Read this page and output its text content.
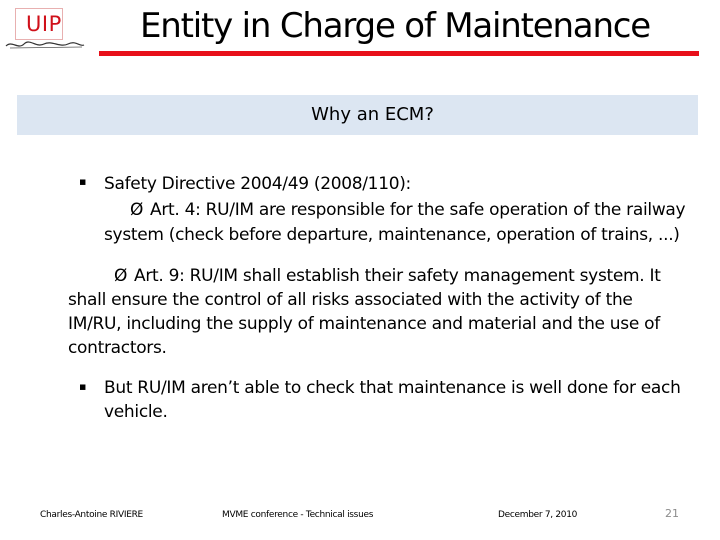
UIP	Entity in Charge of Maintenance
Why an ECM?
▪ Safety Directive 2004/49 (2008/110):
Ø Art. 4: RU/IM are responsible for the safe operation of the railway
system (check before departure, maintenance, operation of trains, ...)
Ø Art. 9: RU/IM shall establish their safety management system. It
shall ensure the control of all risks associated with the activity of the
IM/RU, including the supply of maintenance and material and the use of
contractors.
▪ But RU/IM aren’t able to check that maintenance is well done for each
vehicle.
Charles-Antoine RIVIERE	MVME conference - Technical issues	December 7, 2010	21
